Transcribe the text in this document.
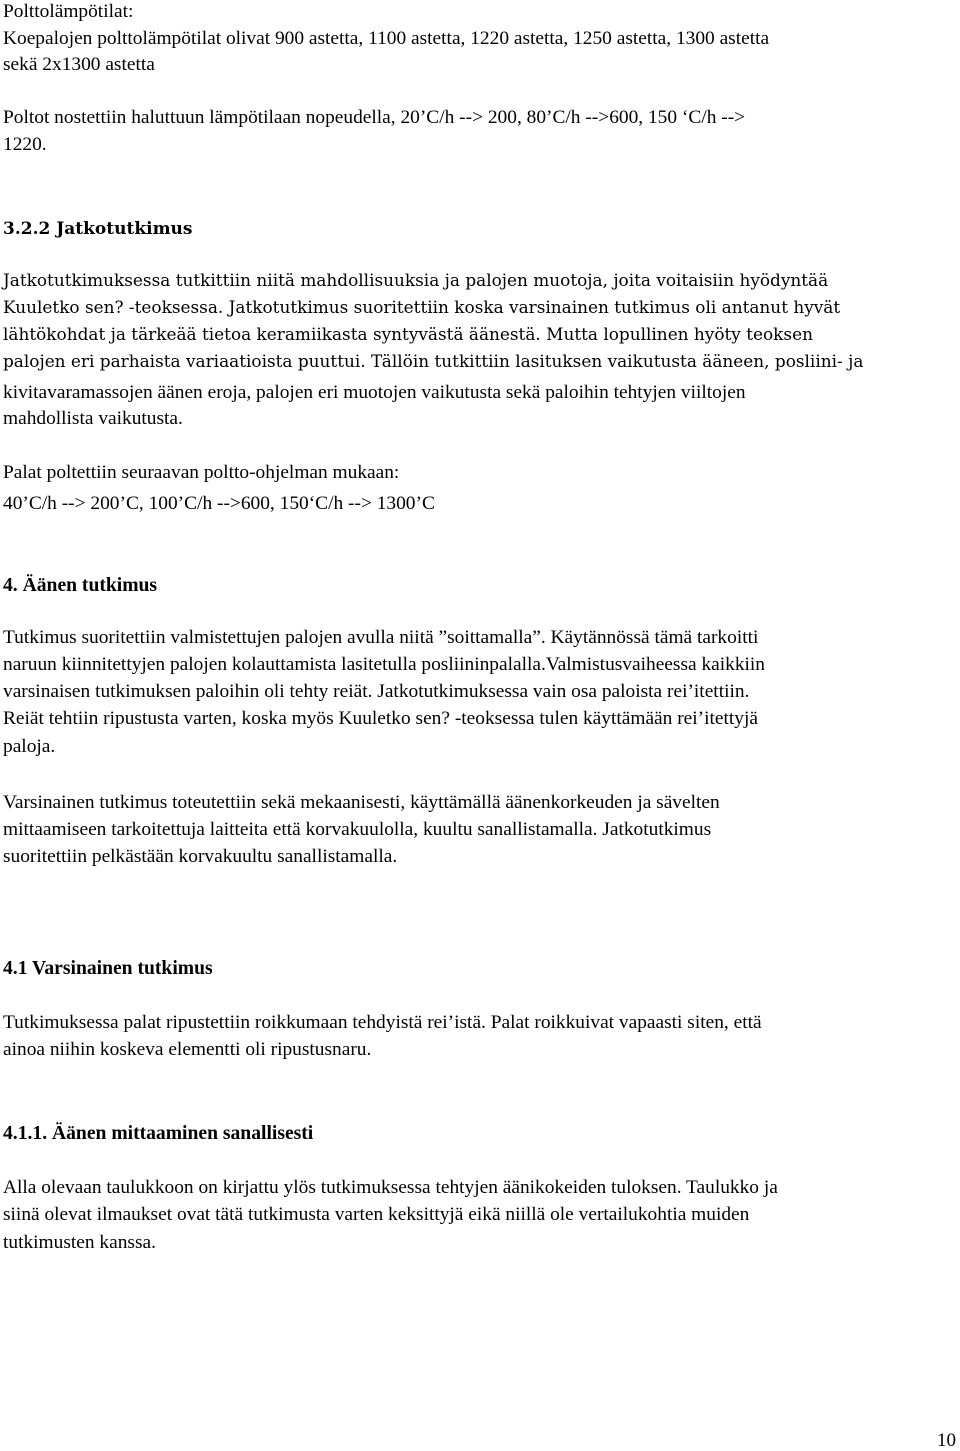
Polttolämpötilat:

Koepalojen polttolämpötilat olivat 900 astetta, 1100 astetta, 1220 astetta, 1250 astetta, 1300 astetta

sekä 2x1300 astetta

Poltot nostettiin haluttuun lämpötilaan nopeudella, 20’C/h --> 200, 80’C/h -->600, 150 ‘C/h -->

1220.

3.2.2 Jatkotutkimus

Jatkotutkimuksessa tutkittiin niitä mahdollisuuksia ja palojen muotoja, joita voitaisiin hyödyntää

Kuuletko sen? -teoksessa. Jatkotutkimus suoritettiin koska varsinainen tutkimus oli antanut hyvät

lähtökohdat ja tärkeää tietoa keramiikasta syntyvästä äänestä. Mutta lopullinen hyöty teoksen

palojen eri parhaista variaatioista puuttui. Tällöin tutkittiin lasituksen vaikutusta ääneen, posliini- ja

kivitavaramassojen äänen eroja, palojen eri muotojen vaikutusta sekä paloihin tehtyjen viiltojen

mahdollista vaikutusta.

Palat poltettiin seuraavan poltto-ohjelman mukaan:

40’C/h --> 200’C, 100’C/h -->600, 150‘C/h --> 1300’C

4. Äänen tutkimus

Tutkimus suoritettiin valmistettujen palojen avulla niitä ”soittamalla”. Käytännössä tämä tarkoitti

naruun kiinnitettyjen palojen kolauttamista lasitetulla posliininpalalla.Valmistusvaiheessa kaikkiin

varsinaisen tutkimuksen paloihin oli tehty reiät. Jatkotutkimuksessa vain osa paloista rei’itettiin.

Reiät tehtiin ripustusta varten, koska myös Kuuletko sen? -teoksessa tulen käyttämään rei’itettyjä

paloja.

Varsinainen tutkimus toteutettiin sekä mekaanisesti, käyttämällä äänenkorkeuden ja sävelten

mittaamiseen tarkoitettuja laitteita että korvakuulolla, kuultu sanallistamalla. Jatkotutkimus

suoritettiin pelkästään korvakuultu sanallistamalla.

4.1 Varsinainen tutkimus

Tutkimuksessa palat ripustettiin roikkumaan tehdyistä rei’istä. Palat roikkuivat vapaasti siten, että

ainoa niihin koskeva elementti oli ripustusnaru.

4.1.1. Äänen mittaaminen sanallisesti

Alla olevaan taulukkoon on kirjattu ylös tutkimuksessa tehtyjen äänikokeiden tuloksen. Taulukko ja

siinä olevat ilmaukset ovat tätä tutkimusta varten keksittyjä eikä niillä ole vertailukohtia muiden

tutkimusten kanssa.

10
